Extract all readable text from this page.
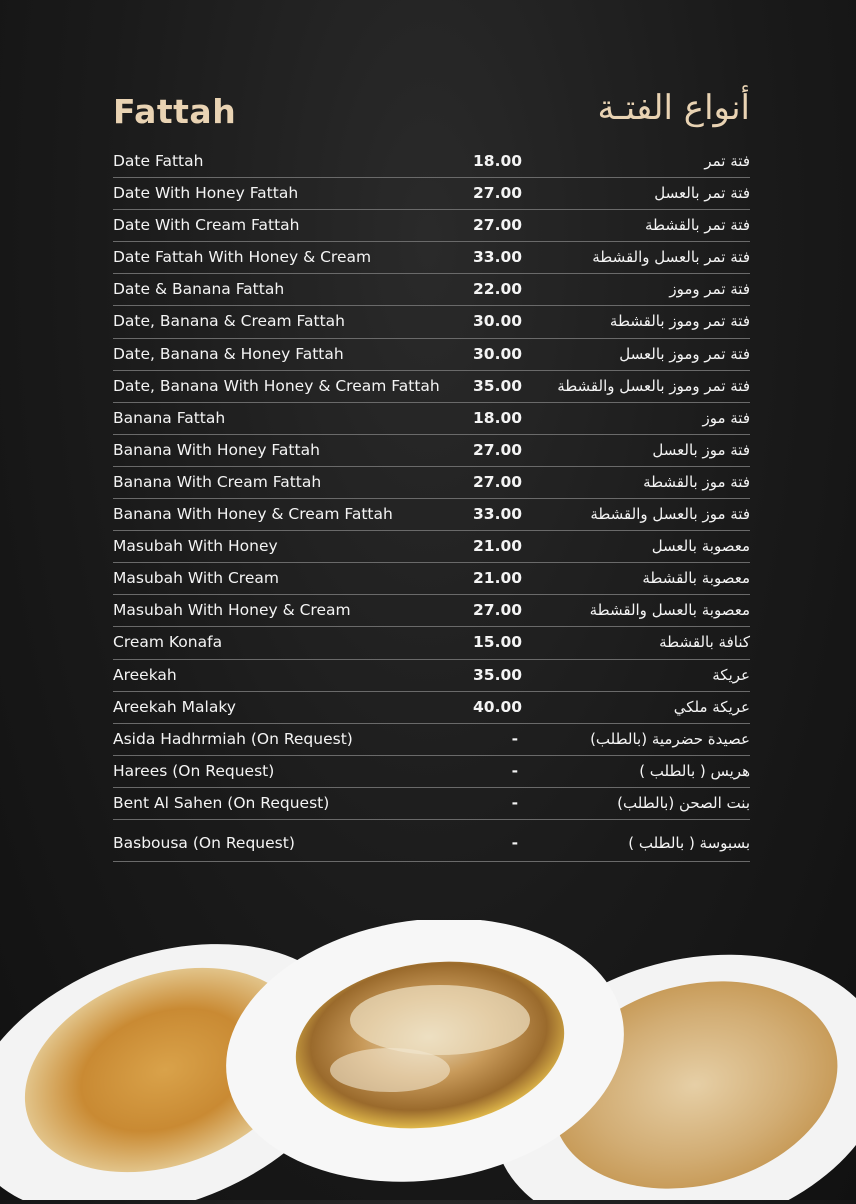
Fattah	أنواع الفتـة
Date Fattah	18.00	فتة تمر
Date With Honey Fattah	27.00	فتة تمر بالعسل
Date With Cream Fattah	27.00	فتة تمر بالقشطة
Date Fattah With Honey & Cream	33.00	فتة تمر بالعسل والقشطة
Date & Banana Fattah	22.00	فتة تمر وموز
Date, Banana & Cream Fattah	30.00	فتة تمر وموز بالقشطة
Date, Banana & Honey Fattah	30.00	فتة تمر وموز بالعسل
Date, Banana With Honey & Cream Fattah 35.00 فتة تمر وموز بالعسل والقشطة
Banana Fattah	18.00	فتة موز
Banana With Honey Fattah	27.00	فتة موز بالعسل
Banana With Cream Fattah	27.00	فتة موز بالقشطة
Banana With Honey & Cream Fattah	33.00	فتة موز بالعسل والقشطة
Masubah With Honey	21.00	معصوبة بالعسل
Masubah With Cream	21.00	معصوبة بالقشطة
Masubah With Honey & Cream	27.00	معصوبة بالعسل والقشطة
Cream Konafa	15.00	كنافة بالقشطة
Areekah	35.00	عريكة
Areekah Malaky	40.00	عريكة ملكي
Asida Hadhrmiah (On Request)	-	عصيدة حضرمية (بالطلب)
Harees (On Request)	-	هريس ( بالطلب )
Bent Al Sahen (On Request)	-	بنت الصحن (بالطلب)
Basbousa (On Request)	-	بسبوسة ( بالطلب )
